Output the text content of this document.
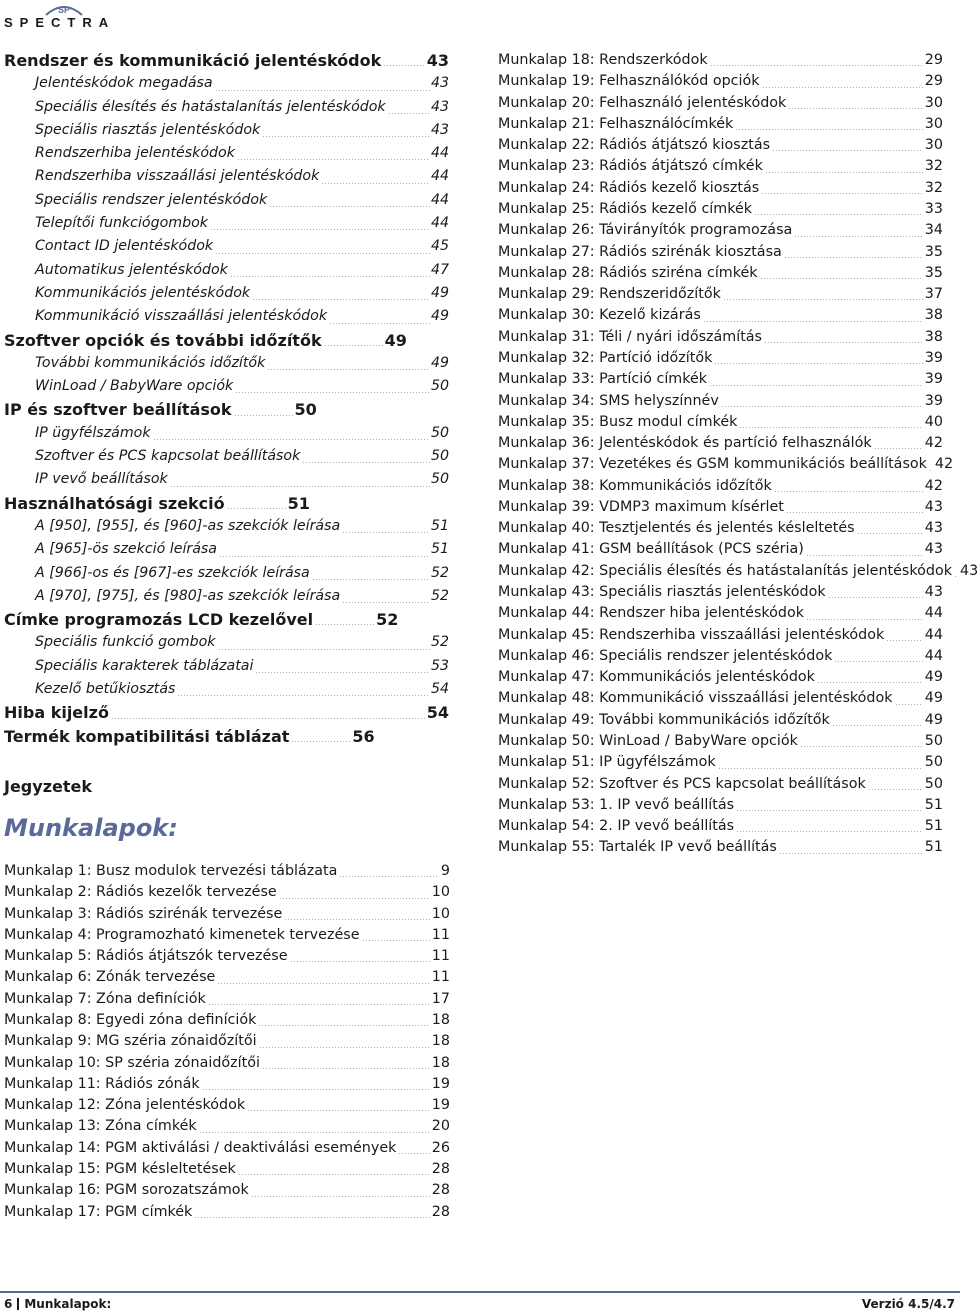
SP
SPECTRA
Rendszer és kommunikáció jelentéskódok	43
Jelentéskódok megadása	43
Speciális élesítés és hatástalanítás jelentéskódok	43
Speciális riasztás jelentéskódok	43
Rendszerhiba jelentéskódok	44
Rendszerhiba visszaállási jelentéskódok	44
Speciális rendszer jelentéskódok	44
Telepítői funkciógombok	44
Contact ID jelentéskódok	45
Automatikus jelentéskódok	47
Kommunikációs jelentéskódok	49
Kommunikáció visszaállási jelentéskódok	49
Szoftver opciók és további időzítők	49
További kommunikációs időzítők	49
WinLoad / BabyWare opciók	50
IP és szoftver beállítások	50
IP ügyfélszámok	50
Szoftver és PCS kapcsolat beállítások	50
IP vevő beállítások	50
Használhatósági szekció	51
A [950], [955], és [960]-as szekciók leírása	51
A [965]-ös szekció leírása	51
A [966]-os és [967]-es szekciók leírása	52
A [970], [975], és [980]-as szekciók leírása	52
Címke programozás LCD kezelővel	52
Speciális funkció gombok	52
Speciális karakterek táblázatai	53
Kezelő betűkiosztás	54
Hiba kijelző	54
Termék kompatibilitási táblázat	56
Jegyzetek
Munkalapok:
Munkalap 1: Busz modulok tervezési táblázata	9
Munkalap 2: Rádiós kezelők tervezése	10
Munkalap 3: Rádiós szirénák tervezése	10
Munkalap 4: Programozható kimenetek tervezése	11
Munkalap 5: Rádiós átjátszók tervezése	11
Munkalap 6: Zónák tervezése	11
Munkalap 7: Zóna definíciók	17
Munkalap 8: Egyedi zóna definíciók	18
Munkalap 9: MG széria zónaidőzítői	18
Munkalap 10: SP széria zónaidőzítői	18
Munkalap 11: Rádiós zónák	19
Munkalap 12: Zóna jelentéskódok	19
Munkalap 13: Zóna címkék	20
Munkalap 14: PGM aktiválási / deaktiválási események 26
Munkalap 15: PGM késleltetések	28
Munkalap 16: PGM sorozatszámok	28
Munkalap 17: PGM címkék	28
Munkalap 18: Rendszerkódok	29
Munkalap 19: Felhasználókód opciók	29
Munkalap 20: Felhasználó jelentéskódok	30
Munkalap 21: Felhasználócímkék	30
Munkalap 22: Rádiós átjátszó kiosztás	30
Munkalap 23: Rádiós átjátszó címkék	32
Munkalap 24: Rádiós kezelő kiosztás	32
Munkalap 25: Rádiós kezelő címkék	33
Munkalap 26: Távirányítók programozása	34
Munkalap 27: Rádiós szirénák kiosztása	35
Munkalap 28: Rádiós sziréna címkék	35
Munkalap 29: Rendszeridőzítők	37
Munkalap 30: Kezelő kizárás	38
Munkalap 31: Téli / nyári időszámítás	38
Munkalap 32: Partíció időzítők	39
Munkalap 33: Partíció címkék	39
Munkalap 34: SMS helyszínnév	39
Munkalap 35: Busz modul címkék	40
Munkalap 36: Jelentéskódok és partíció felhasználók	42
Munkalap 37: Vezetékes és GSM kommunikációs beállítások 42
Munkalap 38: Kommunikációs időzítők	42
Munkalap 39: VDMP3 maximum kísérlet	43
Munkalap 40: Tesztjelentés és jelentés késleltetés	43
Munkalap 41: GSM beállítások (PCS széria)	43
Munkalap 42: Speciális élesítés és hatástalanítás jelentéskódok 43
Munkalap 43: Speciális riasztás jelentéskódok	43
Munkalap 44: Rendszer hiba jelentéskódok	44
Munkalap 45: Rendszerhiba visszaállási jelentéskódok	44
Munkalap 46: Speciális rendszer jelentéskódok	44
Munkalap 47: Kommunikációs jelentéskódok	49
Munkalap 48: Kommunikáció visszaállási jelentéskódok 49
Munkalap 49: További kommunikációs időzítők	49
Munkalap 50: WinLoad / BabyWare opciók	50
Munkalap 51: IP ügyfélszámok	50
Munkalap 52: Szoftver és PCS kapcsolat beállítások	50
Munkalap 53: 1. IP vevő beállítás	51
Munkalap 54: 2. IP vevő beállítás	51
Munkalap 55: Tartalék IP vevő beállítás	51
6 Munkalapok:	Verzió 4.5/4.7
